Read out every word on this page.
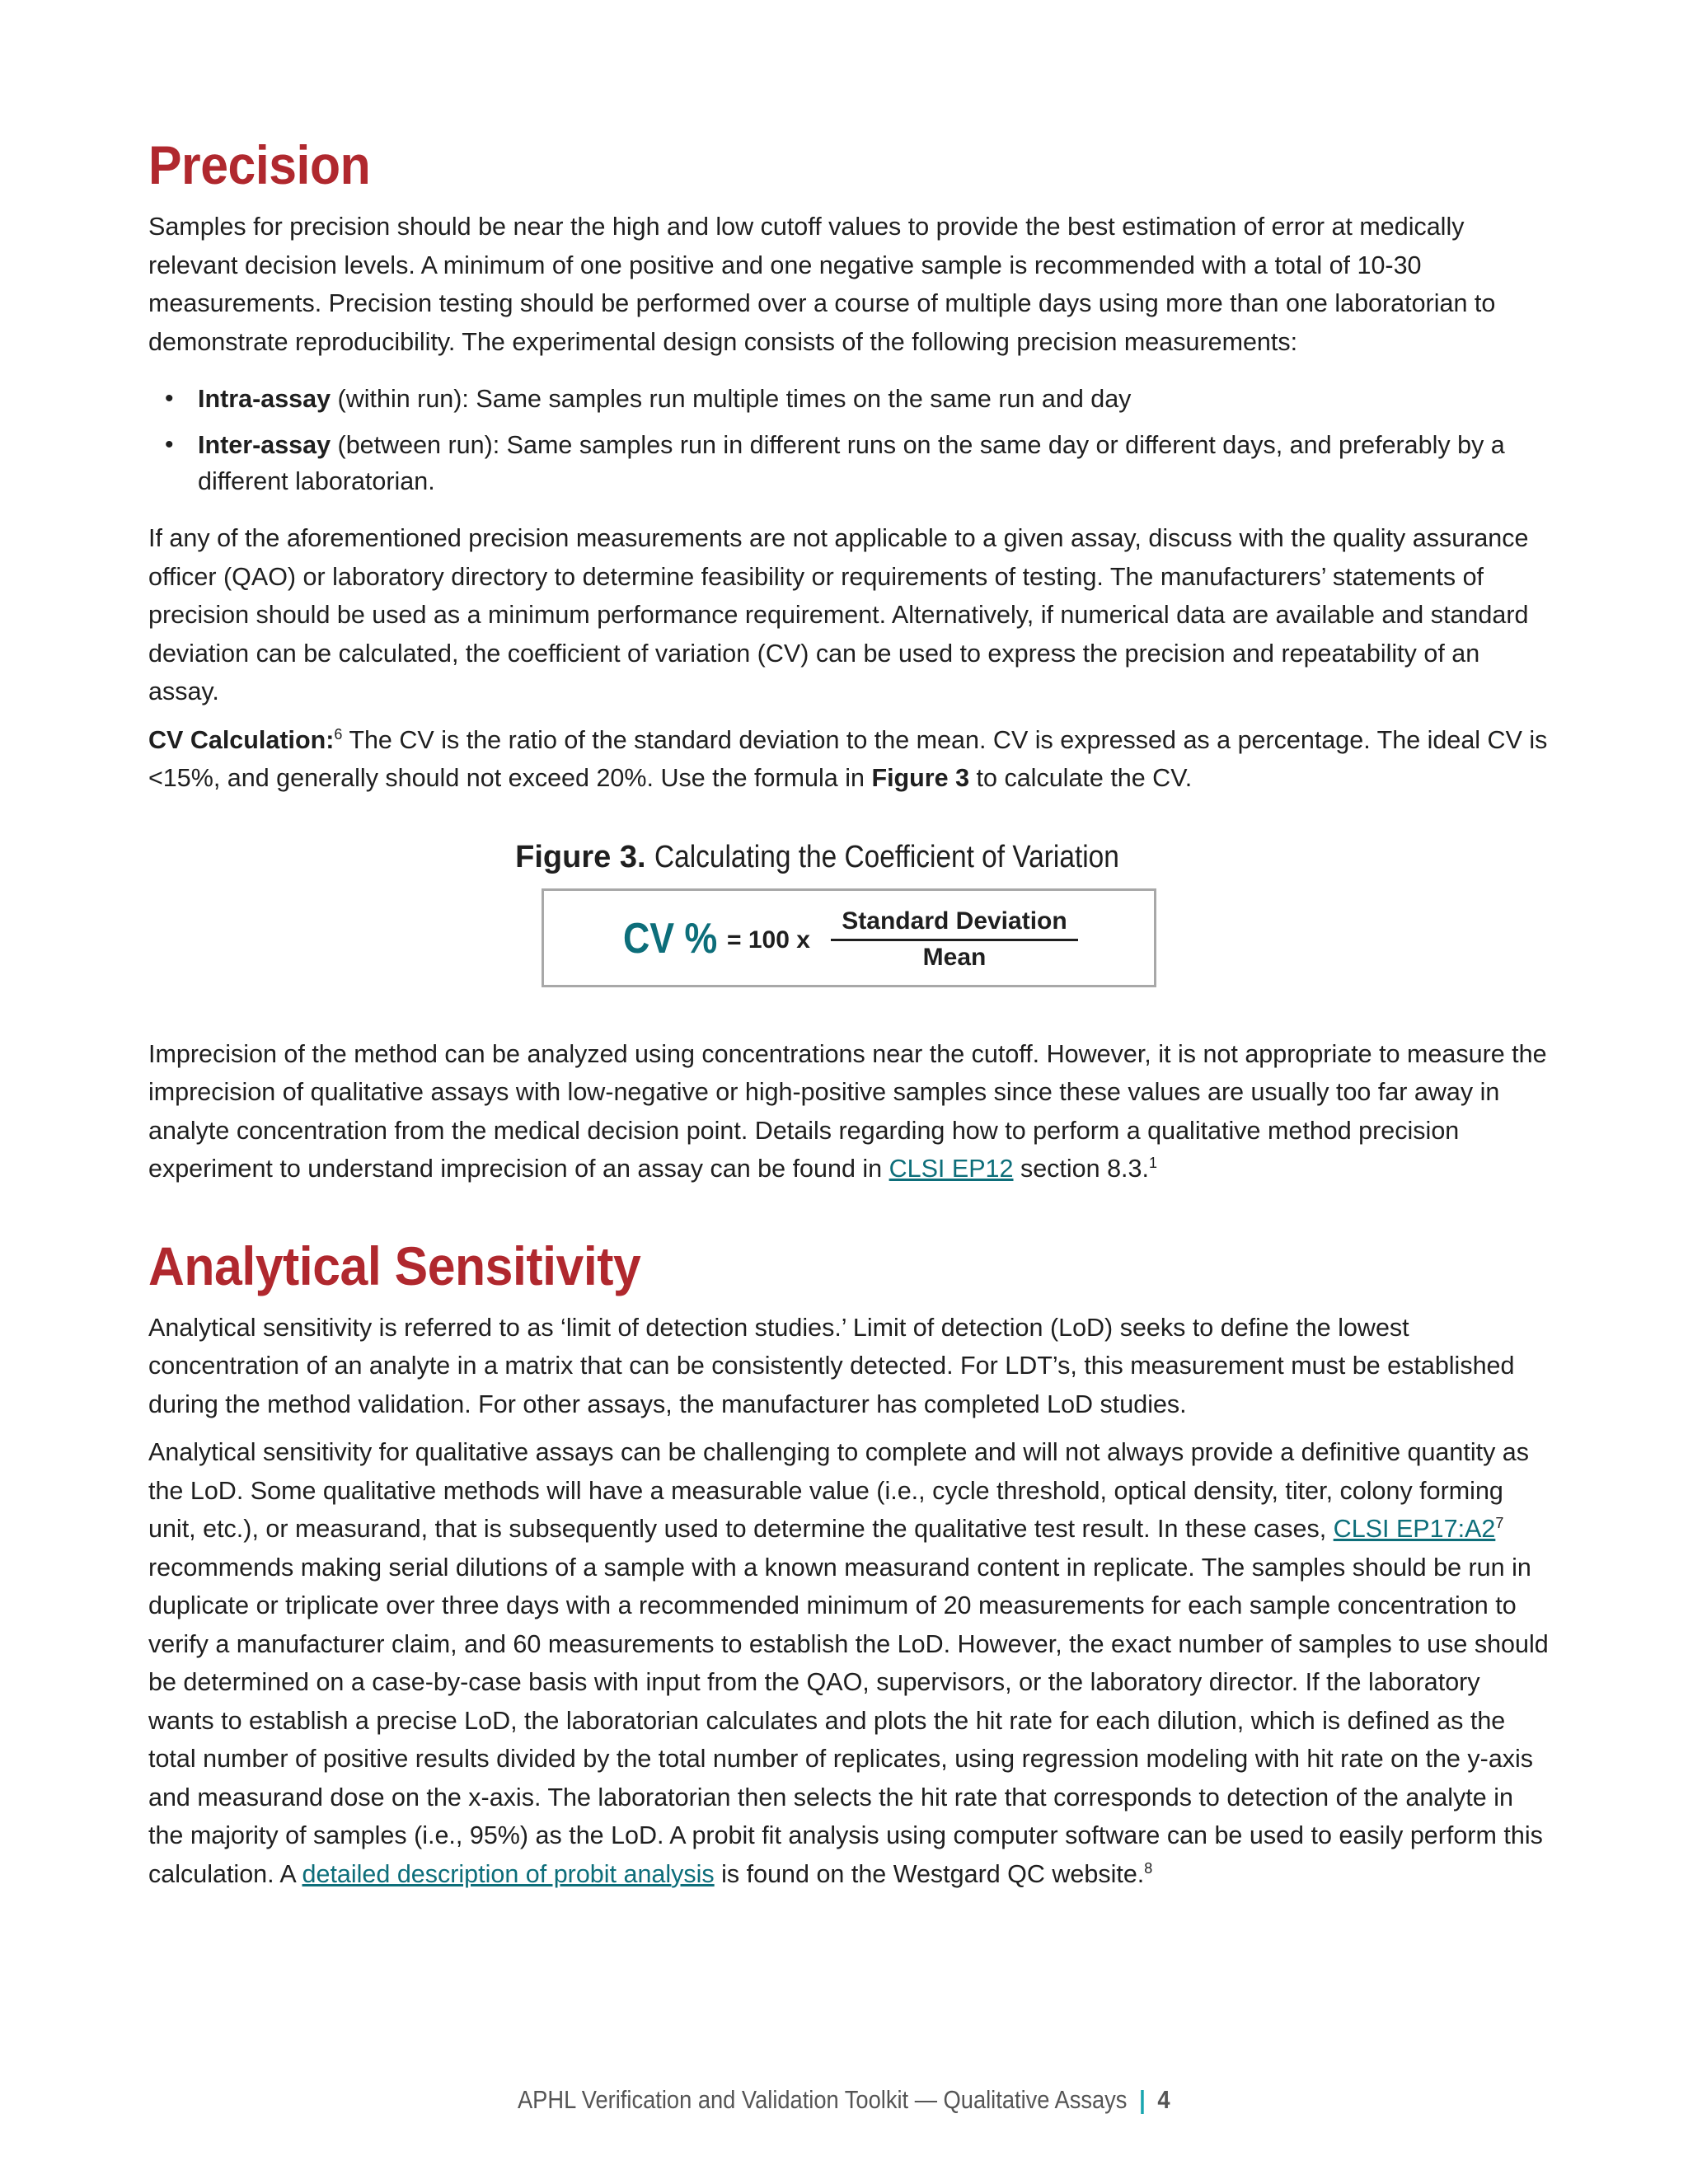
Precision

Samples for precision should be near the high and low cutoff values to provide the best estimation of error at medically relevant decision levels. A minimum of one positive and one negative sample is recommended with a total of 10-30 measurements. Precision testing should be performed over a course of multiple days using more than one laboratorian to demonstrate reproducibility. The experimental design consists of the following precision measurements:

• Intra-assay (within run): Same samples run multiple times on the same run and day
• Inter-assay (between run): Same samples run in different runs on the same day or different days, and preferably by a different laboratorian.

If any of the aforementioned precision measurements are not applicable to a given assay, discuss with the quality assurance officer (QAO) or laboratory directory to determine feasibility or requirements of testing. The manufacturers’ statements of precision should be used as a minimum performance requirement. Alternatively, if numerical data are available and standard deviation can be calculated, the coefficient of variation (CV) can be used to express the precision and repeatability of an assay.

CV Calculation:$^6$ The CV is the ratio of the standard deviation to the mean. CV is expressed as a percentage. The ideal CV is <15%, and generally should not exceed 20%. Use the formula in Figure 3 to calculate the CV.

Figure 3. Calculating the Coefficient of Variation
CV % = 100 x
Standard Deviation
Mean

Imprecision of the method can be analyzed using concentrations near the cutoff. However, it is not appropriate to measure the imprecision of qualitative assays with low-negative or high-positive samples since these values are usually too far away in analyte concentration from the medical decision point. Details regarding how to perform a qualitative method precision experiment to understand imprecision of an assay can be found in CLSI EP12 section 8.3.$^1$

Analytical Sensitivity

Analytical sensitivity is referred to as ‘limit of detection studies.’ Limit of detection (LoD) seeks to define the lowest concentration of an analyte in a matrix that can be consistently detected. For LDT’s, this measurement must be established during the method validation. For other assays, the manufacturer has completed LoD studies.

Analytical sensitivity for qualitative assays can be challenging to complete and will not always provide a definitive quantity as the LoD. Some qualitative methods will have a measurable value (i.e., cycle threshold, optical density, titer, colony forming unit, etc.), or measurand, that is subsequently used to determine the qualitative test result. In these cases, CLSI $EP17:A2^7$ recommends making serial dilutions of a sample with a known measurand content in replicate. The samples should be run in duplicate or triplicate over three days with a recommended minimum of 20 measurements for each sample concentration to verify a manufacturer claim, and 60 measurements to establish the LoD. However, the exact number of samples to use should be determined on a case-by-case basis with input from the QAO, supervisors, or the laboratory director. If the laboratory wants to establish a precise LoD, the laboratorian calculates and plots the hit rate for each dilution, which is defined as the total number of positive results divided by the total number of replicates, using regression modeling with hit rate on the y-axis and measurand dose on the x-axis. The laboratorian then selects the hit rate that corresponds to detection of the analyte in the majority of samples (i.e., 95%) as the LoD. A probit fit analysis using computer software can be used to easily perform this calculation. A detailed description of probit analysis is found on the Westgard QC website.$^8$

APHL Verification and Validation Toolkit — Qualitative Assays | 4
